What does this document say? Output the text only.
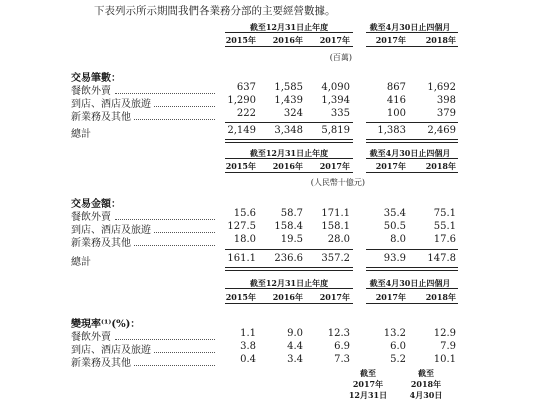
下表列示所示期間我們各業務分部的主要經營數據。
截至12月31日止年度	截至4月30日止四個月
2015年	2016年	2017年	2017年	2018年
(百萬)
交易筆數：
餐飲外賣	637	1,585	4,090	867	1,692
到店、酒店及旅遊	1,290	1,439	1,394	416	398
新業務及其他	222	324	335	100	379
總計	2,149	3,348	5,819	1,383	2,469
截至12月31日止年度	截至4月30日止四個月
2015年	2016年	2017年	2017年	2018年
(人民幣十億元)
交易金額：
餐飲外賣	15.6	58.7	171.1	35.4	75.1
到店、酒店及旅遊	127.5	158.4	158.1	50.5	55.1
新業務及其他	18.0	19.5	28.0	8.0	17.6
總計	161.1	236.6	357.2	93.9	147.8
截至12月31日止年度	截至4月30日止四個月
2015年	2016年	2017年	2017年	2018年
變現率⁽¹⁾(%)：
餐飲外賣	1.1	9.0	12.3	13.2	12.9
到店、酒店及旅遊	3.8	4.4	6.9	6.0	7.9
新業務及其他	0.4	3.4	7.3	5.2	10.1
截至
2017年
12月31日
截至
2018年
4月30日
